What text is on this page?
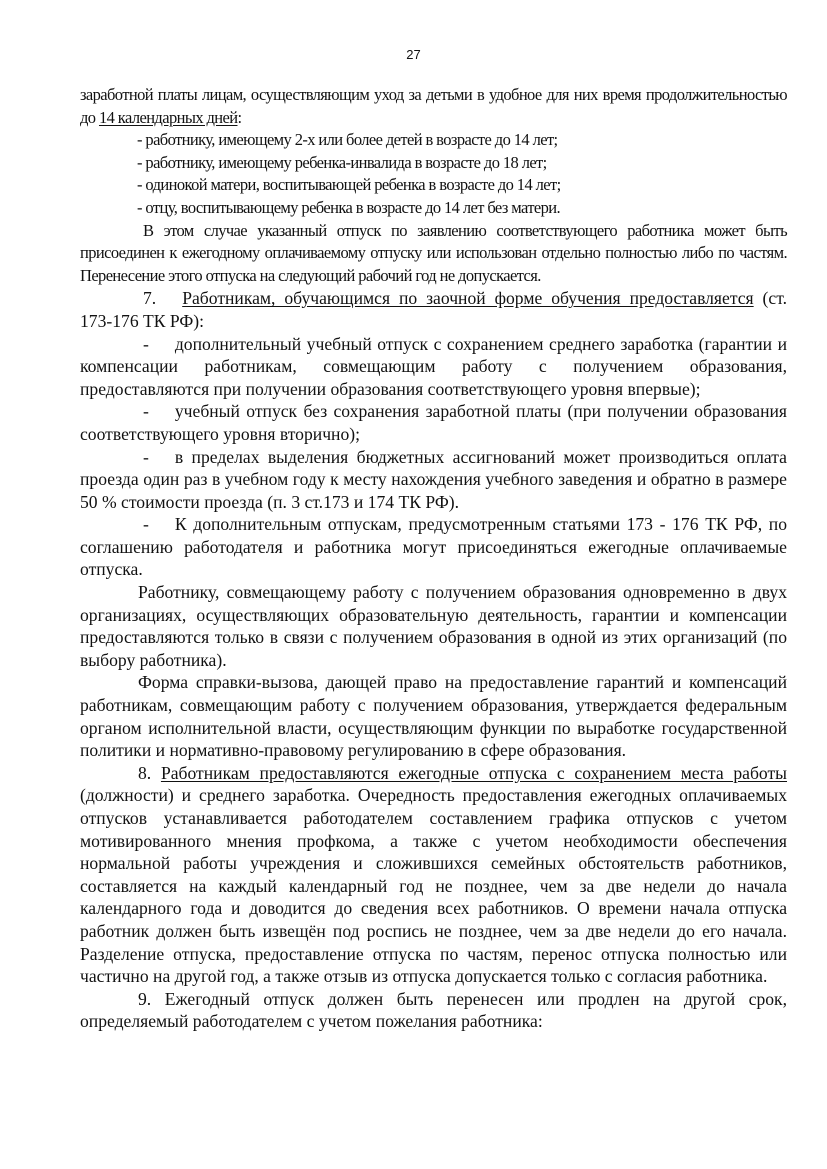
27

заработной платы лицам, осуществляющим уход за детьми в удобное для них время продолжительностью до 14 календарных дней:

- работнику, имеющему 2-х или более детей в возрасте до 14 лет;

- работнику, имеющему ребенка-инвалида в возрасте до 18 лет;

- одинокой матери, воспитывающей ребенка в возрасте до 14 лет;

- отцу, воспитывающему ребенка в возрасте до 14 лет без матери.

В этом случае указанный отпуск по заявлению соответствующего работника может быть присоединен к ежегодному оплачиваемому отпуску или использован отдельно полностью либо по частям. Перенесение этого отпуска на следующий рабочий год не допускается.

7. Работникам, обучающимся по заочной форме обучения предоставляется (ст. 173-176 ТК РФ):

- дополнительный учебный отпуск с сохранением среднего заработка (гарантии и компенсации работникам, совмещающим работу с получением образования, предоставляются при получении образования соответствующего уровня впервые);

- учебный отпуск без сохранения заработной платы (при получении образования соответствующего уровня вторично);

- в пределах выделения бюджетных ассигнований может производиться оплата проезда один раз в учебном году к месту нахождения учебного заведения и обратно в размере 50 % стоимости проезда (п. 3 ст.173 и 174 ТК РФ).

- К дополнительным отпускам, предусмотренным статьями 173 - 176 ТК РФ, по соглашению работодателя и работника могут присоединяться ежегодные оплачиваемые отпуска.

Работнику, совмещающему работу с получением образования одновременно в двух организациях, осуществляющих образовательную деятельность, гарантии и компенсации предоставляются только в связи с получением образования в одной из этих организаций (по выбору работника).

Форма справки-вызова, дающей право на предоставление гарантий и компенсаций работникам, совмещающим работу с получением образования, утверждается федеральным органом исполнительной власти, осуществляющим функции по выработке государственной политики и нормативно-правовому регулированию в сфере образования.

8. Работникам предоставляются ежегодные отпуска с сохранением места работы (должности) и среднего заработка. Очередность предоставления ежегодных оплачиваемых отпусков устанавливается работодателем составлением графика отпусков с учетом мотивированного мнения профкома, а также с учетом необходимости обеспечения нормальной работы учреждения и сложившихся семейных обстоятельств работников, составляется на каждый календарный год не позднее, чем за две недели до начала календарного года и доводится до сведения всех работников. О времени начала отпуска работник должен быть извещён под роспись не позднее, чем за две недели до его начала. Разделение отпуска, предоставление отпуска по частям, перенос отпуска полностью или частично на другой год, а также отзыв из отпуска допускается только с согласия работника.

9. Ежегодный отпуск должен быть перенесен или продлен на другой срок, определяемый работодателем с учетом пожелания работника:
